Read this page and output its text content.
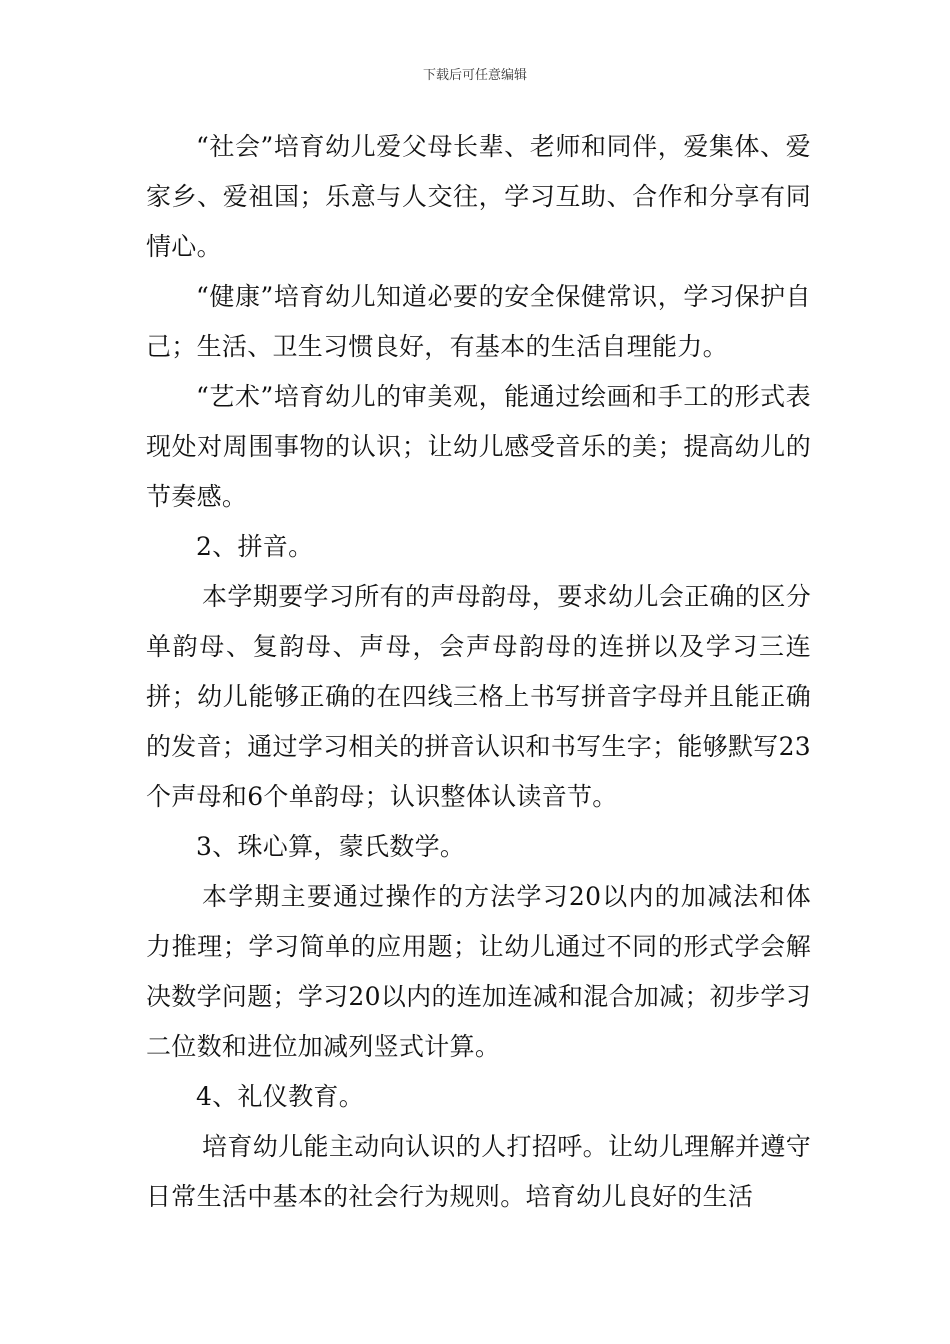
下载后可任意编辑

“社会”培育幼儿爱父母长辈、老师和同伴，爱集体、爱家乡、爱祖国；乐意与人交往，学习互助、合作和分享有同情心。

“健康”培育幼儿知道必要的安全保健常识，学习保护自己；生活、卫生习惯良好，有基本的生活自理能力。

“艺术”培育幼儿的审美观，能通过绘画和手工的形式表现处对周围事物的认识；让幼儿感受音乐的美；提高幼儿的节奏感。

2、拼音。

本学期要学习所有的声母韵母，要求幼儿会正确的区分单韵母、复韵母、声母，会声母韵母的连拼以及学习三连拼；幼儿能够正确的在四线三格上书写拼音字母并且能正确的发音；通过学习相关的拼音认识和书写生字；能够默写23个声母和6个单韵母；认识整体认读音节。

3、珠心算，蒙氏数学。

本学期主要通过操作的方法学习20以内的加减法和体力推理；学习简单的应用题；让幼儿通过不同的形式学会解决数学问题；学习20以内的连加连减和混合加减；初步学习二位数和进位加减列竖式计算。

4、礼仪教育。

培育幼儿能主动向认识的人打招呼。让幼儿理解并遵守日常生活中基本的社会行为规则。培育幼儿良好的生活
